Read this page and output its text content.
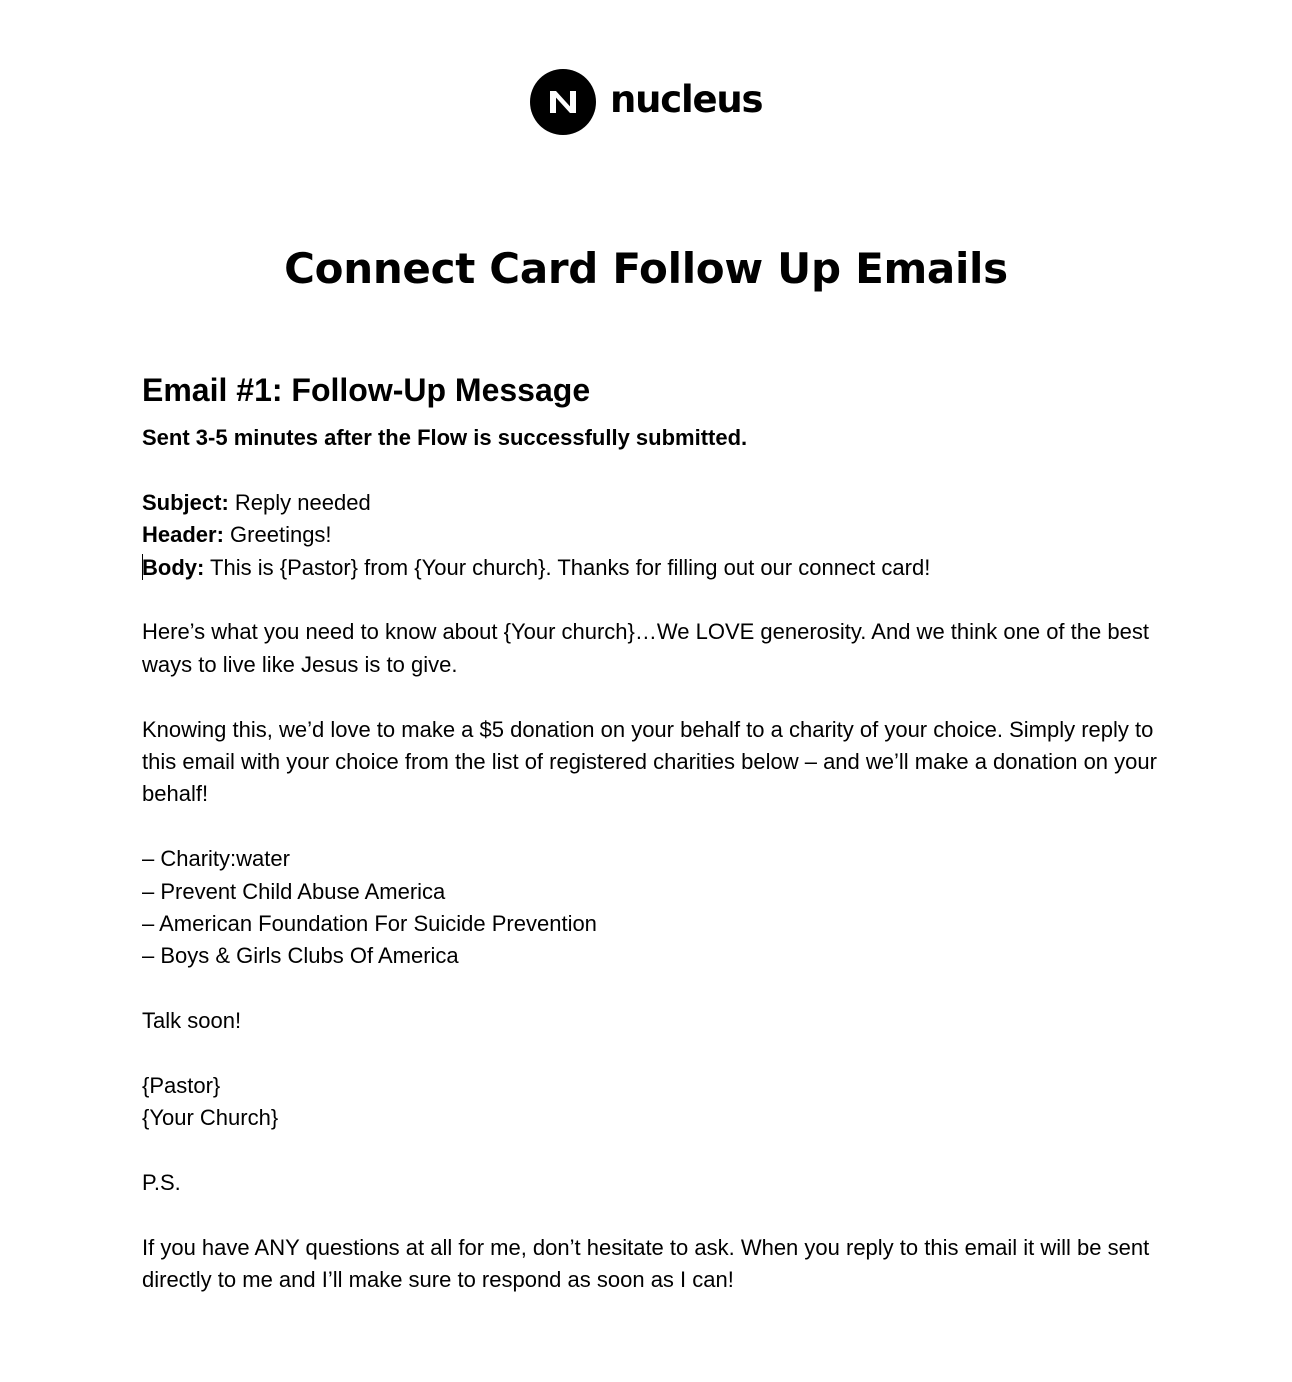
nucleus
Connect Card Follow Up Emails
Email #1: Follow-Up Message

Sent 3-5 minutes after the Flow is successfully submitted.

Subject: Reply needed

Header: Greetings!

Body: This is {Pastor} from {Your church}. Thanks for filling out our connect card!

Here’s what you need to know about {Your church}…We LOVE generosity. And we think one of the best ways to live like Jesus is to give.

Knowing this, we’d love to make a $5 donation on your behalf to a charity of your choice. Simply reply to this email with your choice from the list of registered charities below – and we’ll make a donation on your behalf!

– Charity:water
– Prevent Child Abuse America
– American Foundation For Suicide Prevention
– Boys & Girls Clubs Of America

Talk soon!

{Pastor}

{Your Church}

P.S.

If you have ANY questions at all for me, don’t hesitate to ask. When you reply to this email it will be sent directly to me and I’ll make sure to respond as soon as I can!
